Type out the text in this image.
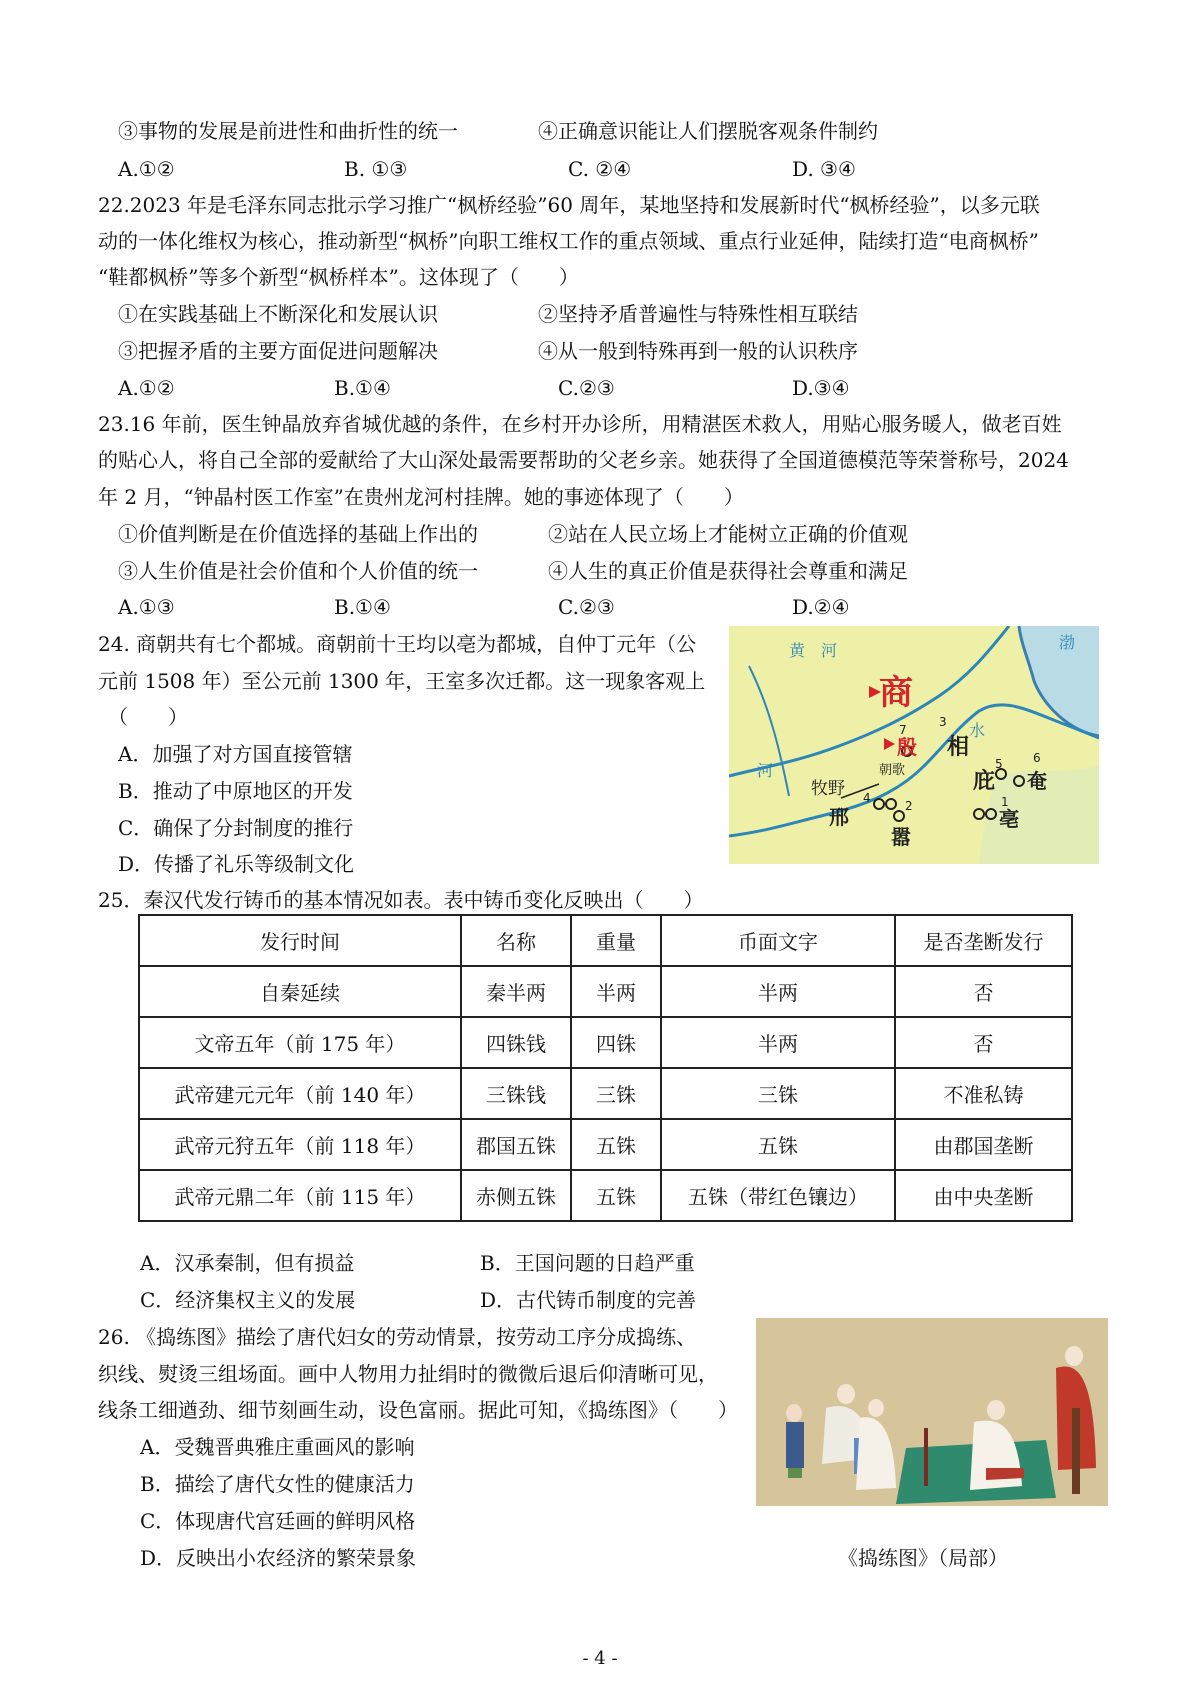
③事物的发展是前进性和曲折性的统一	④正确意识能让人们摆脱客观条件制约
A.①②	B. ①③	C. ②④	D. ③④
22.2023 年是毛泽东同志批示学习推广“枫桥经验”60 周年，某地坚持和发展新时代“枫桥经验”，以多元联
动的一体化维权为核心，推动新型“枫桥”向职工维权工作的重点领域、重点行业延伸，陆续打造“电商枫桥”
“鞋都枫桥”等多个新型“枫桥样本”。这体现了（　　）
①在实践基础上不断深化和发展认识	②坚持矛盾普遍性与特殊性相互联结
③把握矛盾的主要方面促进问题解决	④从一般到特殊再到一般的认识秩序
A.①②	B.①④	C.②③	D.③④
23.16 年前，医生钟晶放弃省城优越的条件，在乡村开办诊所，用精湛医术救人，用贴心服务暖人，做老百姓
的贴心人，将自己全部的爱献给了大山深处最需要帮助的父老乡亲。她获得了全国道德模范等荣誉称号，2024
年 2 月，“钟晶村医工作室”在贵州龙河村挂牌。她的事迹体现了（　　）
①价值判断是在价值选择的基础上作出的	②站在人民立场上才能树立正确的价值观
③人生价值是社会价值和个人价值的统一	④人生的真正价值是获得社会尊重和满足
A.①③	B.①④	C.②③	D.②④
24. 商朝共有七个都城。商朝前十王均以亳为都城，自仲丁元年（公
元前 1508 年）至公元前 1300 年，王室多次迁都。这一现象客观上
（　　）
A．加强了对方国直接管辖
B．推动了中原地区的开发
C．确保了分封制度的推行
D．传播了礼乐等级制文化
商
殷
黄　河	渤
河
水
牧野
朝歌
相
庇 奄
邢
嚣
亳
1
2
3
4
5	6
7
25．秦汉代发行铸币的基本情况如表。表中铸币变化反映出（　　）
发行时间	名称	重量	币面文字	是否垄断发行
自秦延续	秦半两	半两	半两	否
文帝五年（前 175 年）	四铢钱	四铢	半两	否
武帝建元元年（前 140 年）	三铢钱	三铢	三铢	不准私铸
武帝元狩五年（前 118 年）	郡国五铢	五铢	五铢	由郡国垄断
武帝元鼎二年（前 115 年）	赤侧五铢	五铢	五铢（带红色镶边）	由中央垄断
A．汉承秦制，但有损益	B．王国问题的日趋严重
C．经济集权主义的发展	D．古代铸币制度的完善
26. 《捣练图》描绘了唐代妇女的劳动情景，按劳动工序分成捣练、
织线、熨烫三组场面。画中人物用力扯绢时的微微后退后仰清晰可见，
线条工细遒劲、细节刻画生动，设色富丽。据此可知，《捣练图》（　　）
A．受魏晋典雅庄重画风的影响
B．描绘了唐代女性的健康活力
C．体现唐代宫廷画的鲜明风格
D．反映出小农经济的繁荣景象	《捣练图》（局部）
- 4 -
